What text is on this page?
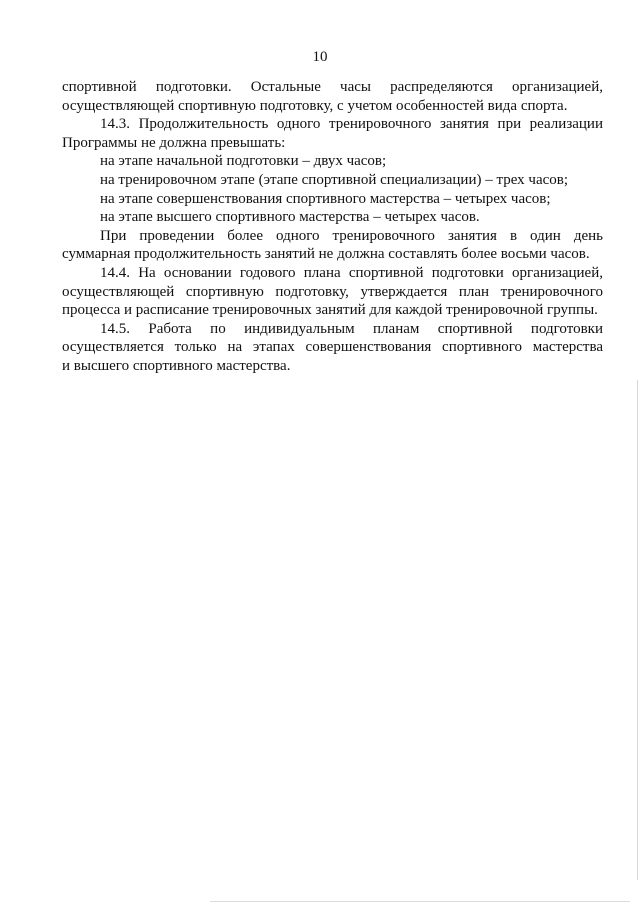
10
спортивной подготовки. Остальные часы распределяются организацией,
осуществляющей спортивную подготовку, с учетом особенностей вида спорта.
14.3. Продолжительность одного тренировочного занятия при реализации
Программы не должна превышать:
на этапе начальной подготовки – двух часов;
на тренировочном этапе (этапе спортивной специализации) – трех часов;
на этапе совершенствования спортивного мастерства – четырех часов;
на этапе высшего спортивного мастерства – четырех часов.
При проведении более одного тренировочного занятия в один день
суммарная продолжительность занятий не должна составлять более восьми часов.
14.4. На основании годового плана спортивной подготовки организацией,
осуществляющей спортивную подготовку, утверждается план тренировочного
процесса и расписание тренировочных занятий для каждой тренировочной группы.
14.5. Работа по индивидуальным планам спортивной подготовки
осуществляется только на этапах совершенствования спортивного мастерства
и высшего спортивного мастерства.
